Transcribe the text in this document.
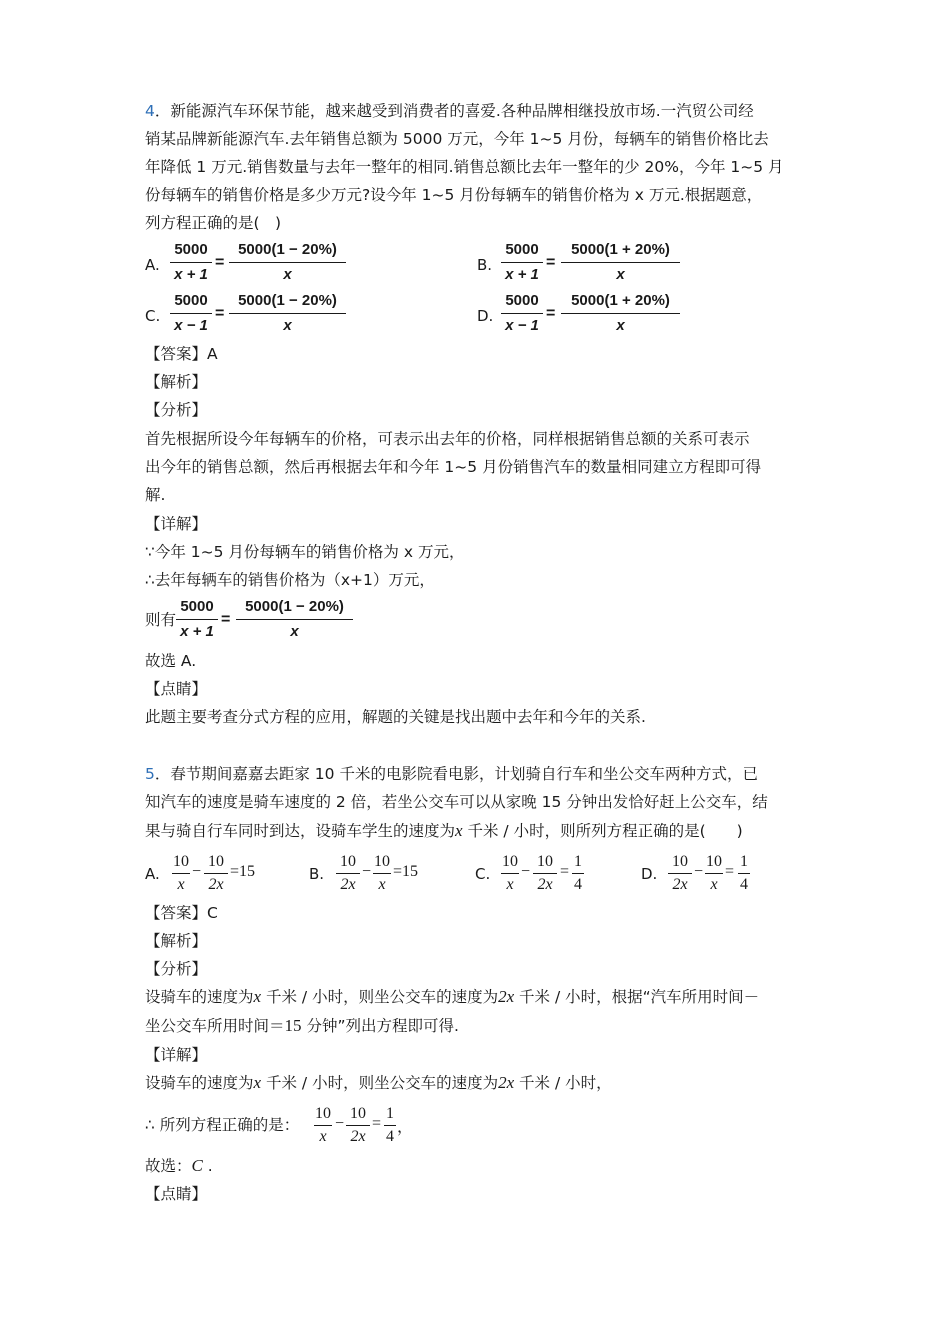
4．新能源汽车环保节能，越来越受到消费者的喜爱.各种品牌相继投放市场.一汽贸公司经
销某品牌新能源汽车.去年销售总额为 5000 万元，今年 1~5 月份，每辆车的销售价格比去
年降低 1 万元.销售数量与去年一整年的相同.销售总额比去年一整年的少 20%，今年 1~5 月
份每辆车的销售价格是多少万元?设今年 1~5 月份每辆车的销售价格为 x 万元.根据题意，
列方程正确的是(　)
A.
5000
x + 1
=
5000(1 − 20%)
x
B.
5000
x + 1
=
5000(1 + 20%)
x
C.
5000
x − 1
=
5000(1 − 20%)
x
D.
5000
x − 1
=
5000(1 + 20%)
x
【答案】A
【解析】
【分析】
首先根据所设今年每辆车的价格，可表示出去年的价格，同样根据销售总额的关系可表示
出今年的销售总额，然后再根据去年和今年 1~5 月份销售汽车的数量相同建立方程即可得
解.
【详解】
∵今年 1~5 月份每辆车的销售价格为 x 万元，
∴去年每辆车的销售价格为（x+1）万元，
则有
5000
x + 1
=
5000(1 − 20%)
x
故选 A.
【点睛】
此题主要考查分式方程的应用，解题的关键是找出题中去年和今年的关系.
5．春节期间嘉嘉去距家 10 千米的电影院看电影，计划骑自行车和坐公交车两种方式，已
知汽车的速度是骑车速度的 2 倍，若坐公交车可以从家晚 15 分钟出发恰好赶上公交车，结
果与骑自行车同时到达，设骑车学生的速度为x 千米 / 小时，则所列方程正确的是(　　)
A.
10
x
−
10
2x
=15	B.
10
2x
−
10
x
=15	C.
10
x
−
10
2x
=
1
4
D.
10
2x
−
10
x
=
1
4
【答案】C
【解析】
【分析】
设骑车的速度为x 千米 / 小时，则坐公交车的速度为2x 千米 / 小时，根据“汽车所用时间－
坐公交车所用时间＝15 分钟”列出方程即可得.
【详解】
设骑车的速度为x 千米 / 小时，则坐公交车的速度为2x 千米 / 小时，
∴ 所列方程正确的是：
10
x
−
10
2x
=
1
4
，
故选：C .
【点睛】
